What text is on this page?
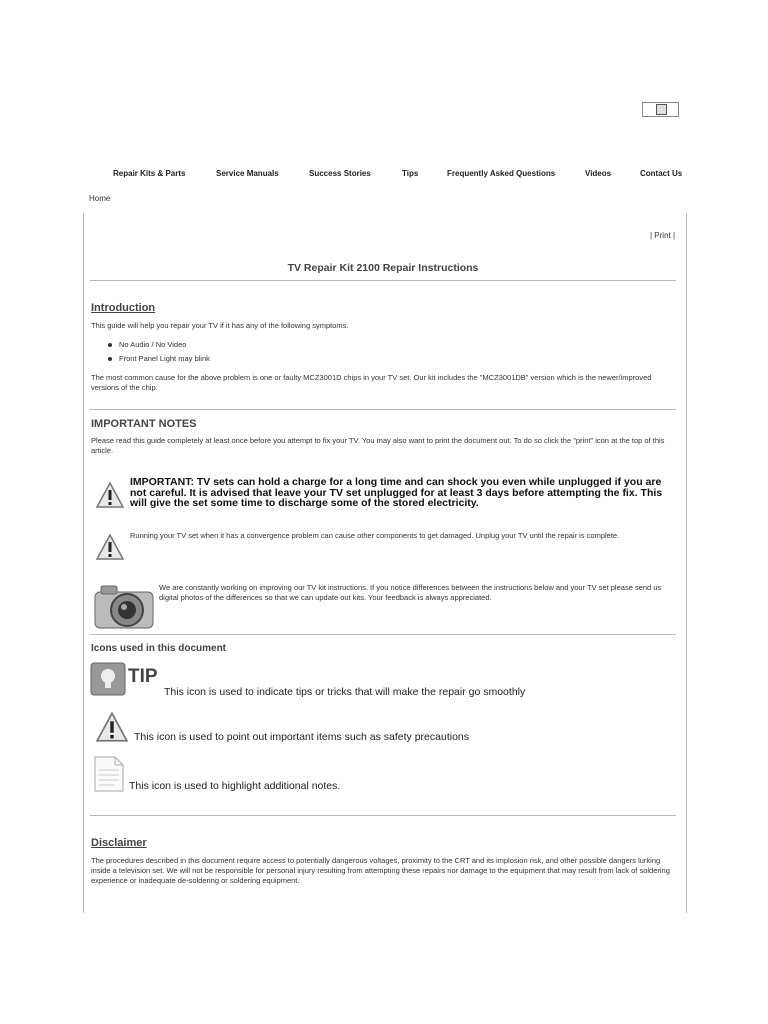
Repair Kits & Parts	Service Manuals	Success Stories	Tips	Frequently Asked Questions	Videos	Contact Us
Home
| Print |
TV Repair Kit 2100 Repair Instructions
Introduction

This guide will help you repair your TV if it has any of the following symptoms.

No Audio / No Video
Front Panel Light may blink

The most common cause for the above problem is one or faulty MCZ3001D chips in your TV set. Our kit includes the "MCZ3001DB" version which is the newer/improved versions of the chip.

IMPORTANT NOTES

Please read this guide completely at least once before you attempt to fix your TV. You may also want to print the document out. To do so click the "print" icon at the top of this article.

IMPORTANT: TV sets can hold a charge for a long time and can shock you even while unplugged if you are not careful. It is advised that leave your TV set unplugged for at least 3 days before attempting the fix. This will give the set some time to discharge some of the stored electricity.

Running your TV set when it has a convergence problem can cause other components to get damaged. Unplug your TV until the repair is complete.

We are constantly working on improving our TV kit instructions. If you notice differences between the instructions below and your TV set please send us digital photos of the differences so that we can update out kits. Your feedback is always appreciated.

Icons used in this document
TIP

This icon is used to indicate tips or tricks that will make the repair go smoothly

This icon is used to point out important items such as safety precautions

This icon is used to highlight additional notes.

Disclaimer

The procedures described in this document require access to potentially dangerous voltages, proximity to the CRT and its implosion risk, and other possible dangers lurking inside a television set. We will not be responsible for personal injury resulting from attempting these repairs nor damage to the equipment that may result from lack of soldering experience or inadequate de-soldering or soldering equipment.
